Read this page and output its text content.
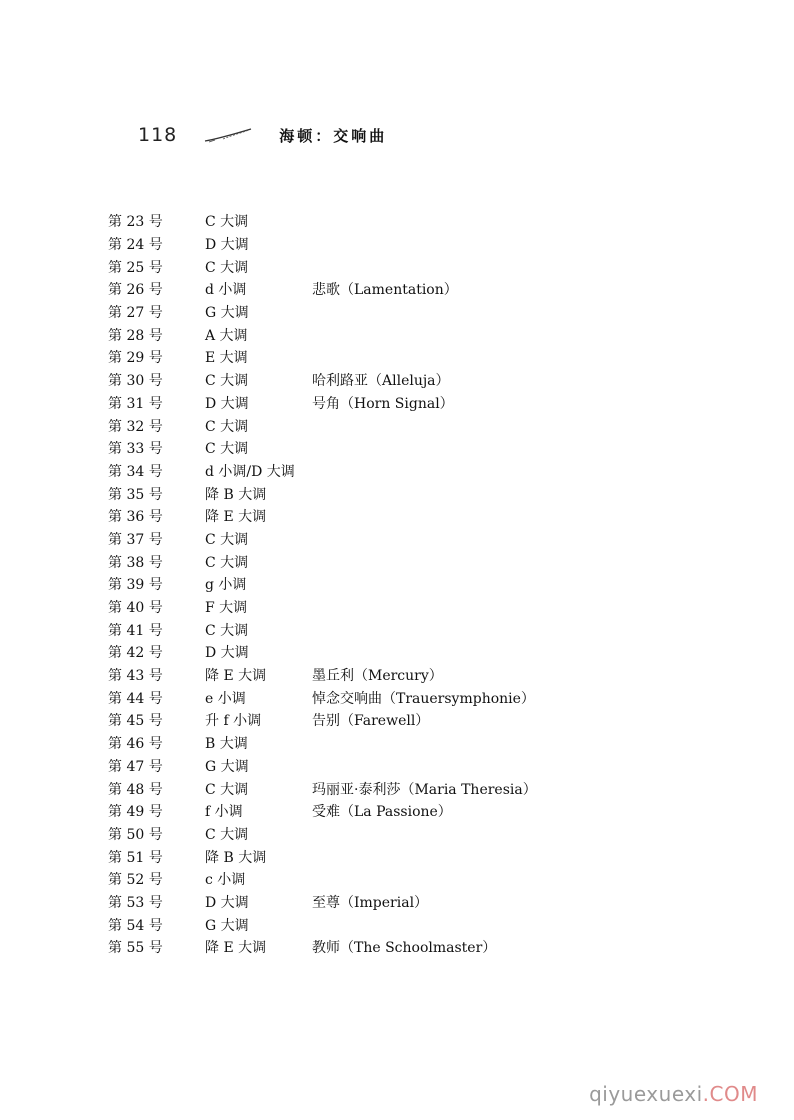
118	海顿：交响曲
第 23 号	C 大调
第 24 号	D 大调
第 25 号	C 大调
第 26 号	d 小调	悲歌（Lamentation）
第 27 号	G 大调
第 28 号	A 大调
第 29 号	E 大调
第 30 号	C 大调	哈利路亚（Alleluja）
第 31 号	D 大调	号角（Horn Signal）
第 32 号	C 大调
第 33 号	C 大调
第 34 号	d 小调/D 大调
第 35 号	降 B 大调
第 36 号	降 E 大调
第 37 号	C 大调
第 38 号	C 大调
第 39 号	g 小调
第 40 号	F 大调
第 41 号	C 大调
第 42 号	D 大调
第 43 号	降 E 大调	墨丘利（Mercury）
第 44 号	e 小调	悼念交响曲（Trauersymphonie）
第 45 号	升 f 小调	告别（Farewell）
第 46 号	B 大调
第 47 号	G 大调
第 48 号	C 大调	玛丽亚·泰利莎（Maria Theresia）
第 49 号	f 小调	受难（La Passione）
第 50 号	C 大调
第 51 号	降 B 大调
第 52 号	c 小调
第 53 号	D 大调	至尊（Imperial）
第 54 号	G 大调
第 55 号	降 E 大调	教师（The Schoolmaster）
qiyuexuexi.COM
